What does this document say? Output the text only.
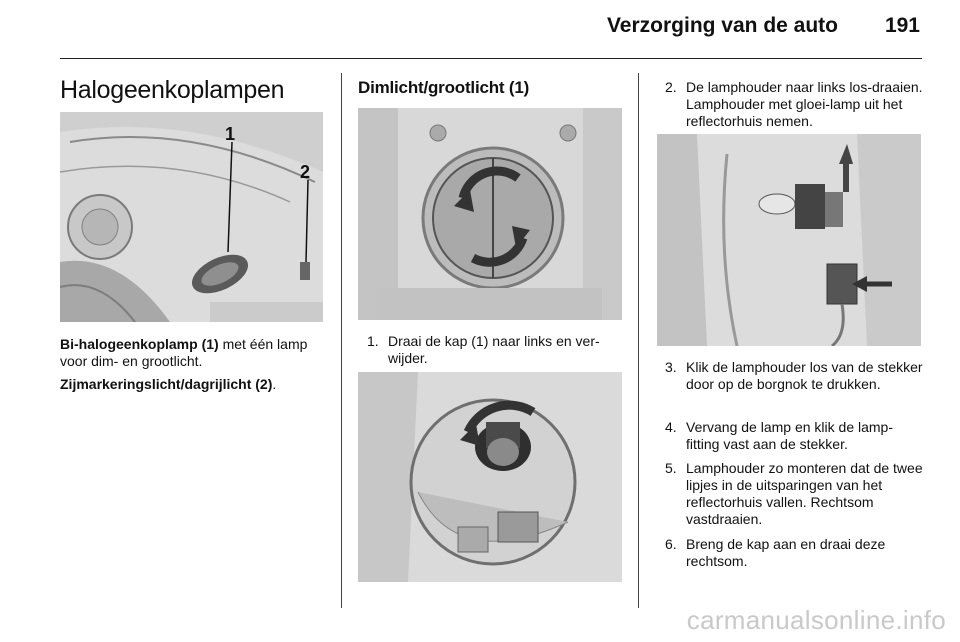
Verzorging van de auto 191
Halogeenkoplampen
1
2
Bi-halogeenkoplamp (1) met één lamp voor dim- en grootlicht.
Zijmarkeringslicht/dagrijlicht (2).
Dimlicht/grootlicht (1)
1. Draai de kap (1) naar links en ver-wijder.
2. De lamphouder naar links los-draaien. Lamphouder met gloei-lamp uit het reflectorhuis nemen.
3. Klik de lamphouder los van de stekker door op de borgnok te drukken.
4. Vervang de lamp en klik de lamp-fitting vast aan de stekker.
5. Lamphouder zo monteren dat de twee lipjes in de uitsparingen van het reflectorhuis vallen. Rechtsom vastdraaien.
6. Breng de kap aan en draai deze rechtsom.
carmanualsonline.info
